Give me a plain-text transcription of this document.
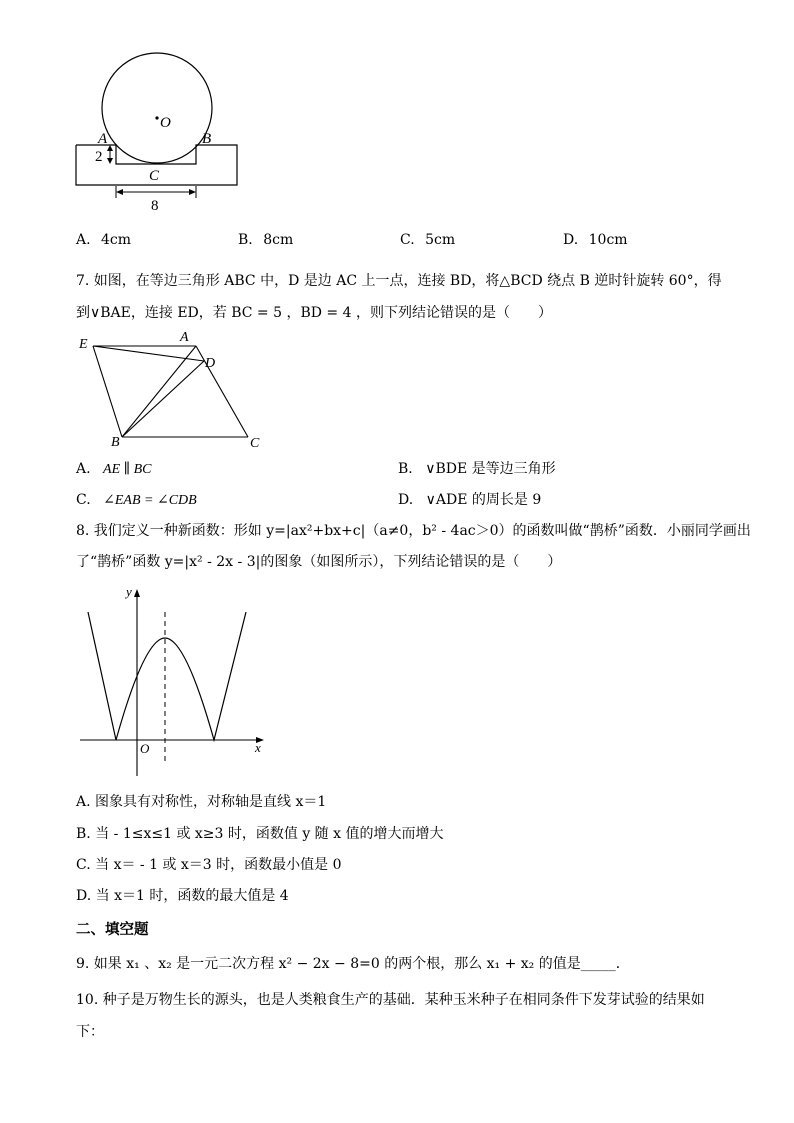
O
A	B
C
2
8
A. 4cm	B. 8cm	C. 5cm	D. 10cm
7. 如图，在等边三角形 ABC 中，D 是边 AC 上一点，连接 BD，将△BCD 绕点 B 逆时针旋转 60°，得
到∨BAE，连接 ED，若 BC = 5 ，BD = 4 ，则下列结论错误的是（　　）
E	A
D
B	C
A. AE ∥ BC	B. ∨BDE 是等边三角形
C. ∠EAB = ∠CDB	D. ∨ADE 的周长是 9
8. 我们定义一种新函数：形如 y=|ax²+bx+c|（a≠0，b² - 4ac＞0）的函数叫做“鹊桥”函数．小丽同学画出
了“鹊桥”函数 y=|x² - 2x - 3|的图象（如图所示），下列结论错误的是（　　）
y
x
O
A. 图象具有对称性，对称轴是直线 x＝1
B. 当 - 1≤x≤1 或 x≥3 时，函数值 y 随 x 值的增大而增大
C. 当 x＝ - 1 或 x＝3 时，函数最小值是 0
D. 当 x＝1 时，函数的最大值是 4
二、填空题
9. 如果 x₁ 、x₂ 是一元二次方程 x² − 2x − 8=0 的两个根，那么 x₁ + x₂ 的值是_____．
10. 种子是万物生长的源头，也是人类粮食生产的基础．某种玉米种子在相同条件下发芽试验的结果如
下：
